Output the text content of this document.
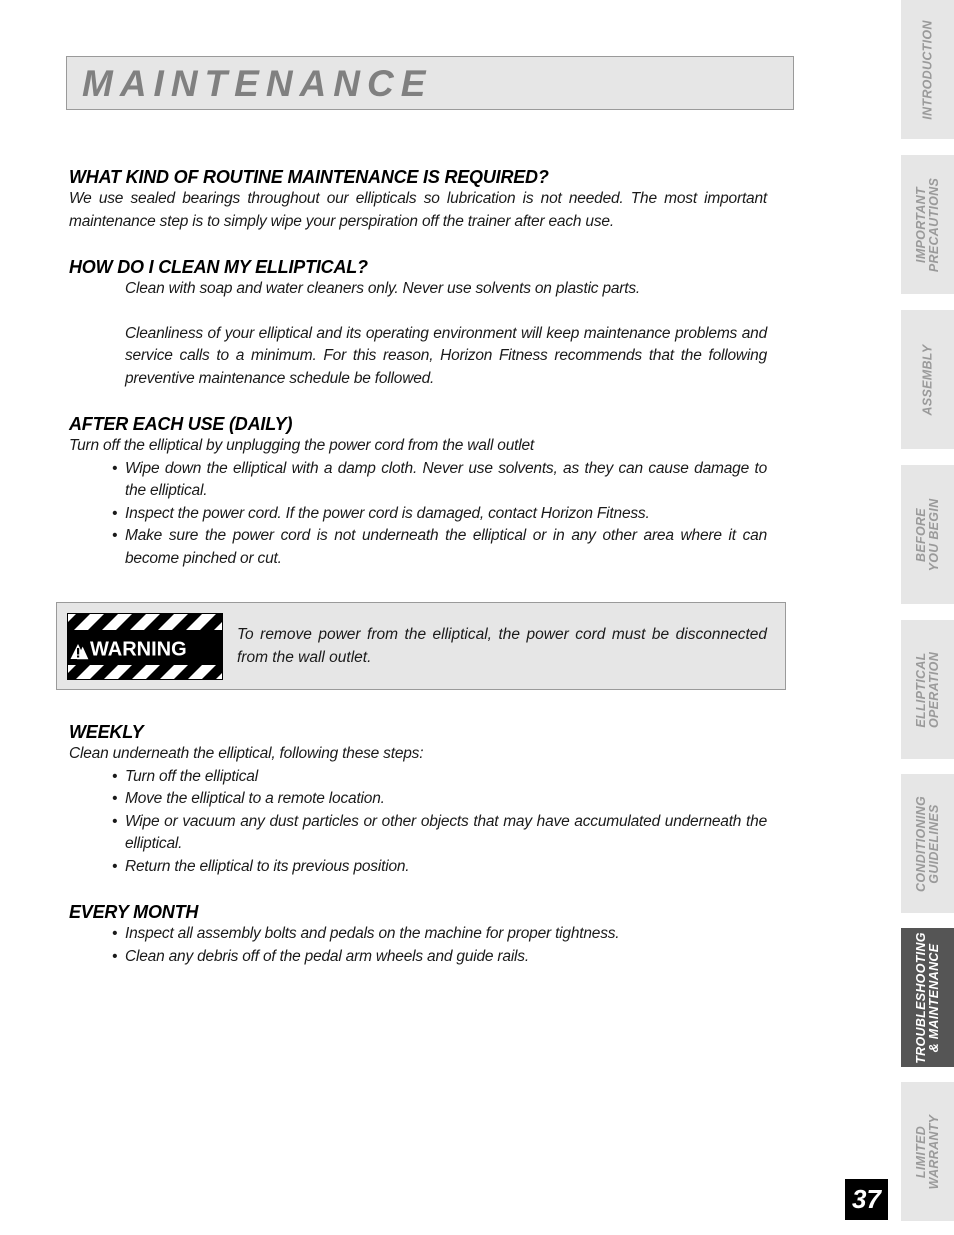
MAINTENANCE
WHAT KIND OF ROUTINE MAINTENANCE IS REQUIRED?

We use sealed bearings throughout our ellipticals so lubrication is not needed. The most important maintenance step is to simply wipe your perspiration off the trainer after each use.

HOW DO I CLEAN MY ELLIPTICAL?

Clean with soap and water cleaners only. Never use solvents on plastic parts.

Cleanliness of your elliptical and its operating environment will keep maintenance problems and service calls to a minimum. For this reason, Horizon Fitness recommends that the following preventive maintenance schedule be followed.

AFTER EACH USE (DAILY)

Turn off the elliptical by unplugging the power cord from the wall outlet

• Wipe down the elliptical with a damp cloth. Never use solvents, as they can cause damage to the elliptical.
• Inspect the power cord. If the power cord is damaged, contact Horizon Fitness.
• Make sure the power cord is not underneath the elliptical or in any other area where it can become pinched or cut.
WEEKLY

Clean underneath the elliptical, following these steps:

• Turn off the elliptical
• Move the elliptical to a remote location.
• Wipe or vacuum any dust particles or other objects that may have accumulated underneath the elliptical.
• Return the elliptical to its previous position.
EVERY MONTH
• Inspect all assembly bolts and pedals on the machine for proper tightness.
• Clean any debris off of the pedal arm wheels and guide rails.
WARNING
To remove power from the elliptical, the power cord must be disconnected from the wall outlet.
INTRODUCTION
IMPORTANT
PRECAUTIONS
ASSEMBLY
BEFORE
YOU BEGIN
ELLIPTICAL
OPERATION
CONDITIONING
GUIDELINES
TROUBLESHOOTING
& MAINTENANCE
LIMITED
WARRANTY
37
